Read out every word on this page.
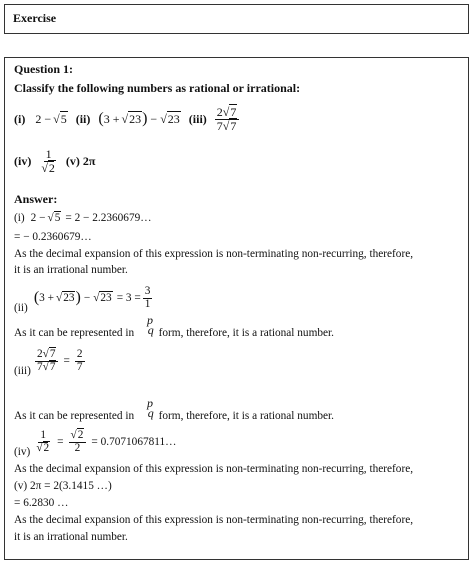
Exercise
Question 1:
Classify the following numbers as rational or irrational:
(i) 2 − √5 (ii) ( 3 + √23 ) − √23 $(iii) \frac{2√7}{7√7}$
$(iv) \frac{1}{√2} (v)$ 2π
Answer:
(i) 2 − √5 = 2 − 2.2360679…
= − 0.2360679…
As the decimal expansion of this expression is non-terminating non-recurring, therefore,
it is an irrational number.
(ii)
( 3 + √23 ) − $√23 = 3 = \frac{3}{1}$
As it can be represented in p q form, therefore, it is a rational number.
$(iii) \frac{2√7}{7√7} = \frac{2}{7}$
As it can be represented in p q form, therefore, it is a rational number.
$(iv) \frac{1}{√2} = \frac{√2}{2}$ = 0.7071067811…
As the decimal expansion of this expression is non-terminating non-recurring, therefore,
(v) 2π = 2(3.1415 …)
= 6.2830 …
As the decimal expansion of this expression is non-terminating non-recurring, therefore,
it is an irrational number.
